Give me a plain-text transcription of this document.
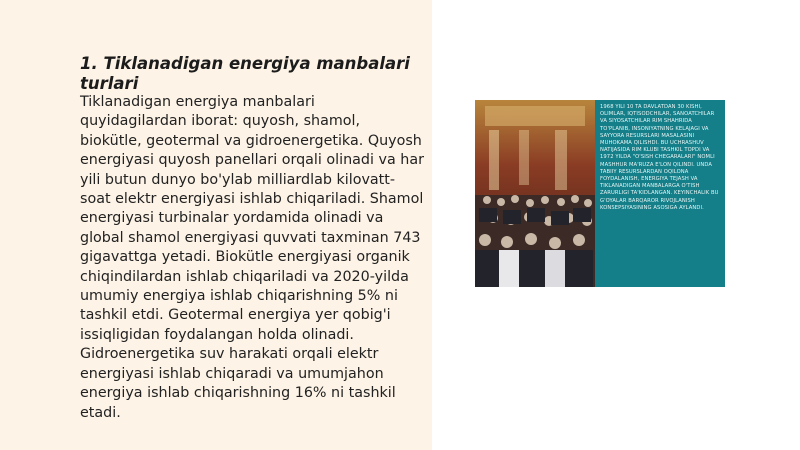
1. Tiklanadigan energiya manbalari turlari

Tiklanadigan energiya manbalari quyidagilardan iborat: quyosh, shamol, biokütle, geotermal va gidroenergetika. Quyosh energiyasi quyosh panellari orqali olinadi va har yili butun dunyo bo'ylab milliardlab kilovatt-soat elektr energiyasi ishlab chiqariladi. Shamol energiyasi turbinalar yordamida olinadi va global shamol energiyasi quvvati taxminan 743 gigavattga yetadi. Biokütle energiyasi organik chiqindilardan ishlab chiqariladi va 2020-yilda umumiy energiya ishlab chiqarishning 5% ni tashkil etdi. Geotermal energiya yer qobig'i issiqligidan foydalangan holda olinadi. Gidroenergetika suv harakati orqali elektr energiyasi ishlab chiqaradi va umumjahon energiya ishlab chiqarishning 16% ni tashkil etadi.

1968 YILI 10 TA DAVLATDAN 30 KISHI, OLIMLAR, IQTISODCHILAR, SANOATCHILAR VA SIYOSATCHILAR RIM SHAHRIDA TO'PLANIB, INSONIYATNING KELAJAGI VA SAYYORA RESURSLARI MASALASINI MUHOKAMA QILISHDI. BU UCHRASHUV NATIJASIDA RIM KLUBI TASHKIL TOPDI VA 1972 YILDA "O'SISH CHEGARALARI" NOMLI MASHHUR MA'RUZA E'LON QILINDI. UNDA TABIIY RESURSLARDAN OQILONA FOYDALANISH, ENERGIYA TEJASH VA TIKLANADIGAN MANBALARGA O'TISH ZARURLIGI TA'KIDLANGAN. KEYINCHALIK BU G'OYALAR BARQAROR RIVOJLANISH KONSEPSIYASINING ASOSIGA AYLANDI.
